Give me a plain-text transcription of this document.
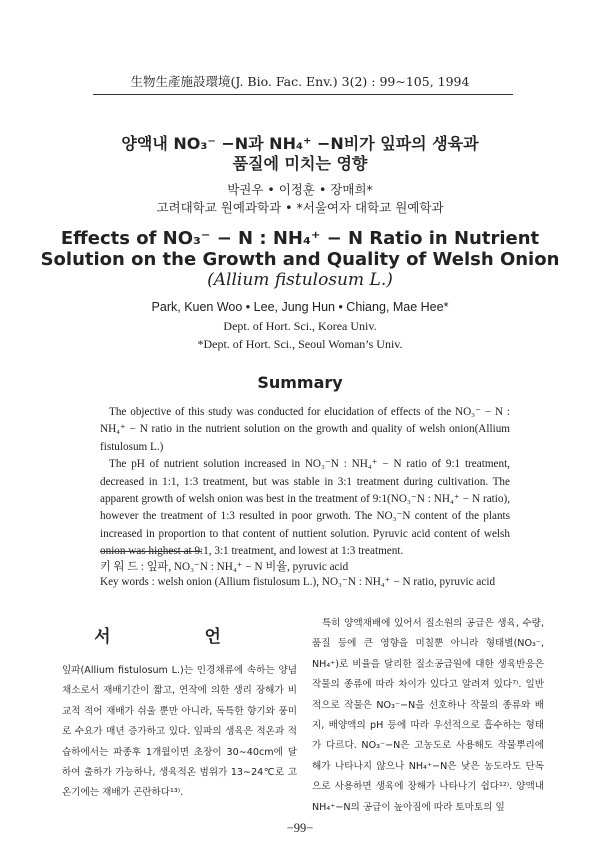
生物生產施設環境(J. Bio. Fac. Env.) 3(2) : 99∼105, 1994
양액내 NO₃⁻ −N과 NH₄⁺ −N비가 잎파의 생육과
품질에 미치는 영향
박권우 • 이정훈 • 장매희*
고려대학교 원예과학과 • *서울여자 대학교 원예학과
Effects of NO₃⁻ − N : NH₄⁺ − N Ratio in Nutrient
Solution on the Growth and Quality of Welsh Onion
(Allium fistulosum L.)
Park, Kuen Woo • Lee, Jung Hun • Chiang, Mae Hee*
Dept. of Hort. Sci., Korea Univ.
*Dept. of Hort. Sci., Seoul Woman’s Univ.
Summary

The objective of this study was conducted for elucidation of effects of the NO₃⁻ − N : NH₄⁺ − N ratio in the nutrient solution on the growth and quality of welsh onion(Allium fistulosum L.)

The pH of nutrient solution increased in NO₃⁻N : NH₄⁺ − N ratio of 9:1 treatment, decreased in 1:1, 1:3 treatment, but was stable in 3:1 treatment during cultivation. The apparent growth of welsh onion was best in the treatment of 9:1(NO₃⁻N : NH₄⁺ − N ratio), however the treatment of 1:3 resulted in poor grwoth. The NO₃⁻N content of the plants increased in proportion to that content of nuttient solution. Pyruvic acid content of welsh onion was highest at 9:1, 3:1 treatment, and lowest at 1:3 treatment.

키 워 드 : 잎파, NO₃⁻N : NH₄⁺ − N 비율, pyruvic acid
Key words : welsh onion (Allium fistulosum L.), NO₃⁻N : NH₄⁺ − N ratio, pyruvic acid
서 언

잎파(Allium fistulosum L.)는 인경채류에 속하는 양념채소로서 재배기간이 짧고, 연작에 의한 생리 장해가 비교적 적어 재배가 쉬울 뿐만 아니라, 독특한 향기와 풍미로 수요가 매년 증가하고 있다. 잎파의 생육은 적온과 적습하에서는 파종후 1개월이면 초장이 30∼40cm에 달하여 출하가 가능하나, 생육적온 범위가 13∼24℃로 고온기에는 재배가 곤란하다¹³⁾.

특히 양액재배에 있어서 질소원의 공급은 생육, 수량, 품질 등에 큰 영향을 미칠뿐 아니라 형태별(NO₃⁻, NH₄⁺)로 비율을 달리한 질소공급원에 대한 생육반응은 작물의 종류에 따라 차이가 있다고 알려져 있다⁷⁾. 일반적으로 작물은 NO₃⁻−N을 선호하나 작물의 종류와 배지, 배양액의 pH 등에 따라 우선적으로 흡수하는 형태가 다르다. NO₃⁻−N은 고농도로 사용해도 작물뿌리에 해가 나타나지 않으나 NH₄⁺−N은 낮은 농도라도 단독으로 사용하면 생육에 장해가 나타나기 쉽다¹²⁾. 양액내 NH₄⁺−N의 공급이 높아짐에 따라 토마토의 잎

−99−
